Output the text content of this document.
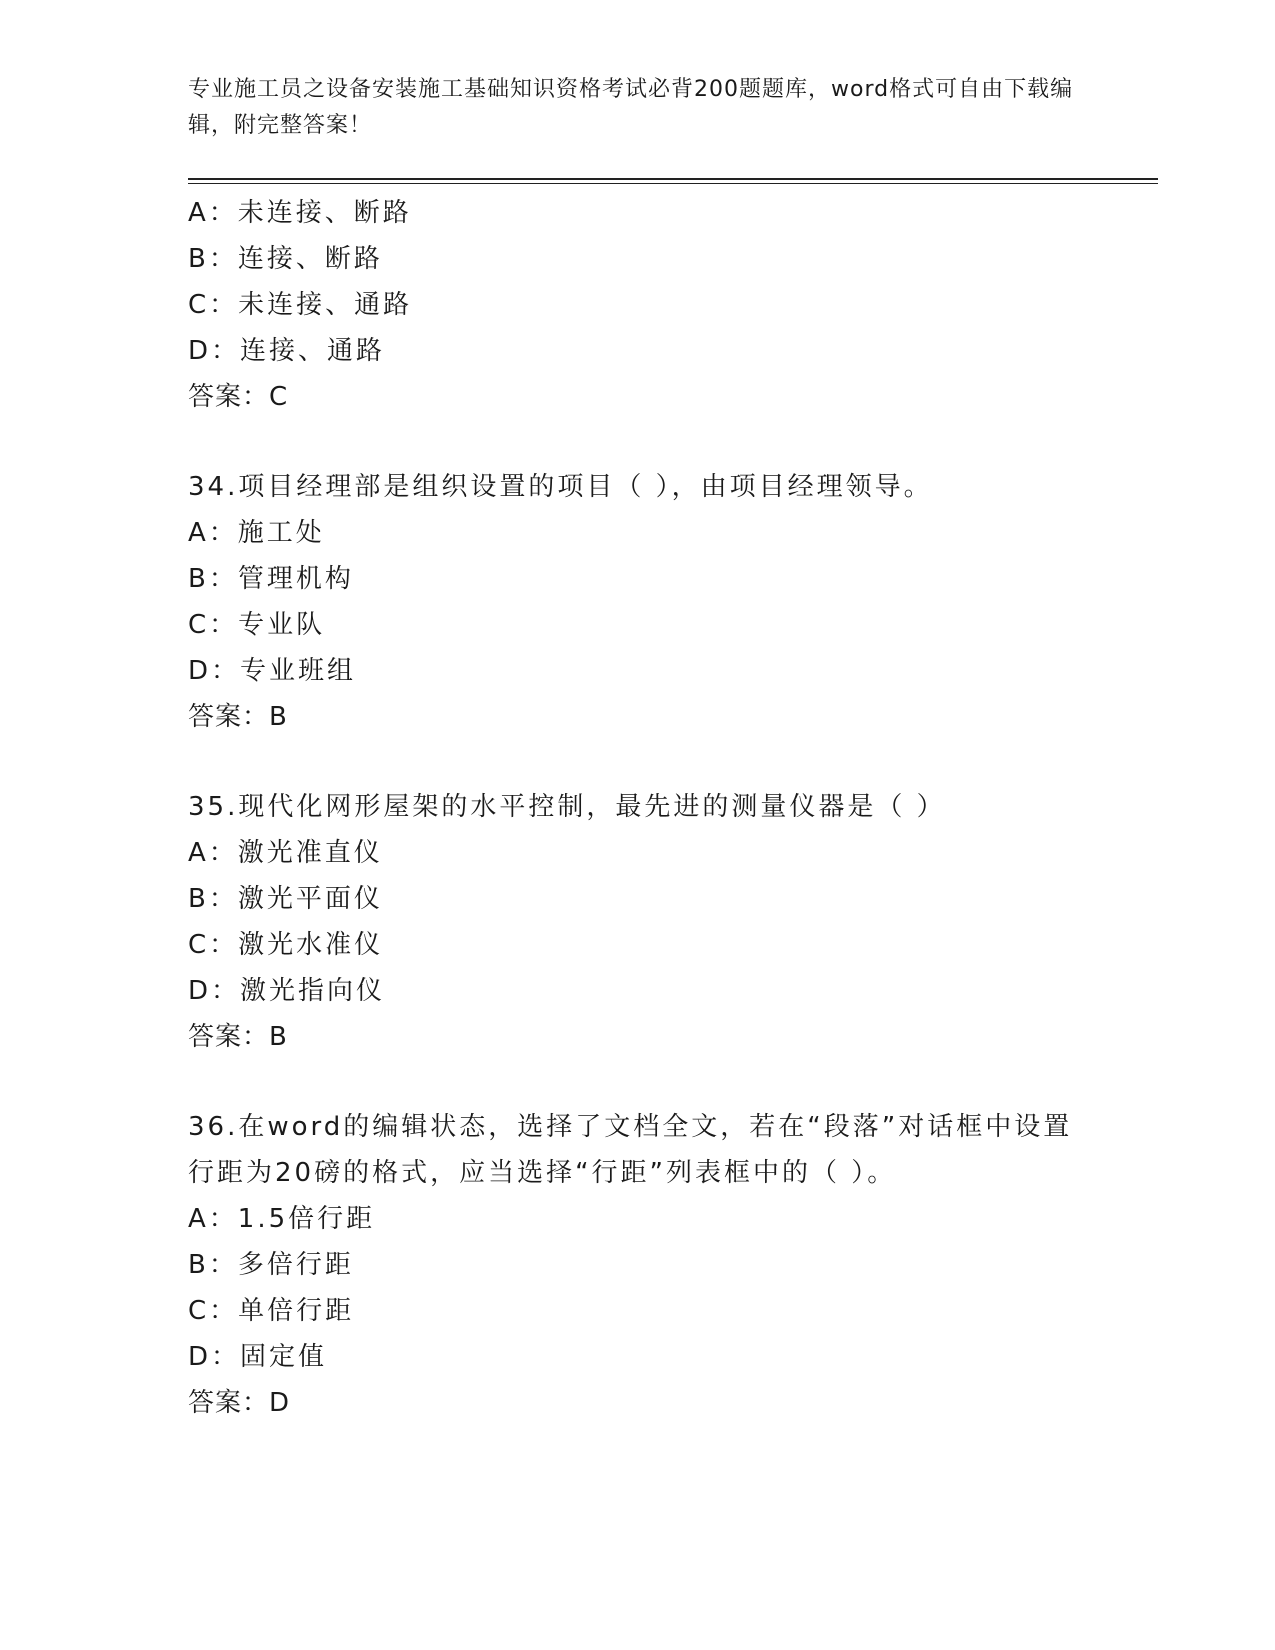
专业施工员之设备安装施工基础知识资格考试必背200题题库，word格式可自由下载编辑，附完整答案！
A：未连接、断路
B：连接、断路
C：未连接、通路
D：连接、通路
答案：C
34.项目经理部是组织设置的项目（ ），由项目经理领导。
A：施工处
B：管理机构
C：专业队
D：专业班组
答案：B
35.现代化网形屋架的水平控制，最先进的测量仪器是（ ）
A：激光准直仪
B：激光平面仪
C：激光水准仪
D：激光指向仪
答案：B
36.在word的编辑状态，选择了文档全文，若在“段落”对话框中设置行距为20磅的格式，应当选择“行距”列表框中的（ ）。
A：1.5倍行距
B：多倍行距
C：单倍行距
D：固定值
答案：D
